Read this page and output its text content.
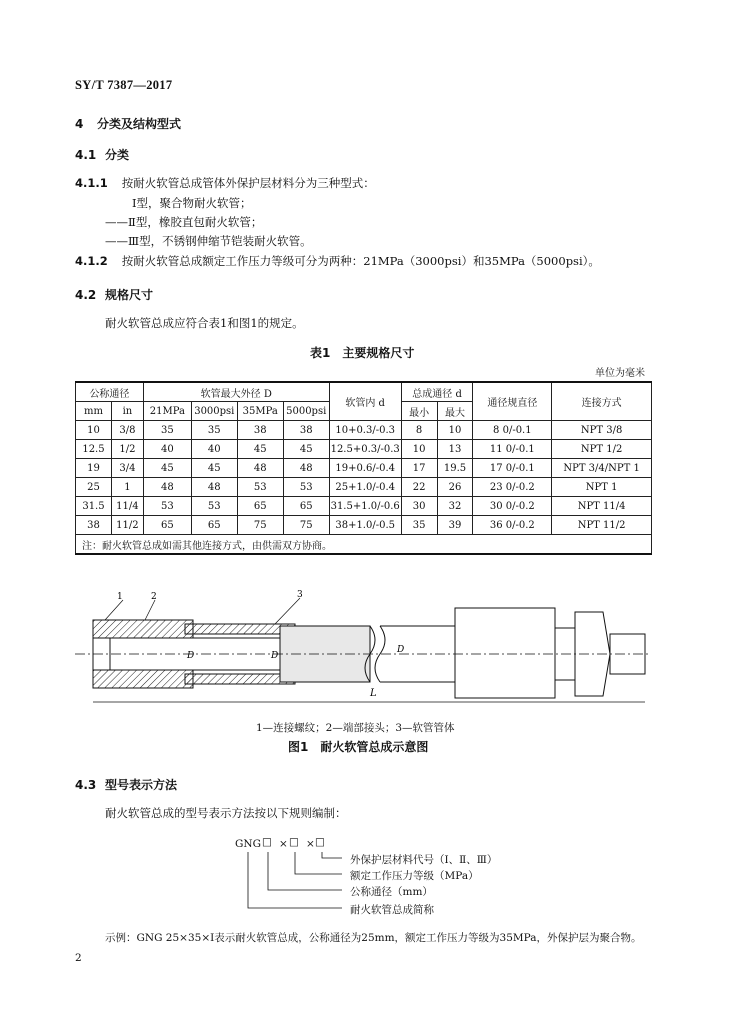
SY/T 7387—2017
4 分类及结构型式
4.1 分类
4.1.1 按耐火软管总成管体外保护层材料分为三种型式：
Ⅰ型，聚合物耐火软管；
——Ⅱ型，橡胶直包耐火软管；
——Ⅲ型，不锈钢伸缩节铠装耐火软管。
4.1.2 按耐火软管总成额定工作压力等级可分为两种：21MPa（3000psi）和35MPa（5000psi）。
4.2 规格尺寸
耐火软管总成应符合表1和图1的规定。
表1　主要规格尺寸
单位为毫米
公称通径		软管最大外径 D				软管内 d	总成通径 d		通径规直径	连接方式
mm	in	21MPa	3000psi	35MPa	5000psi		最小	最大		
10	3/8	35	35	38	38	10+0.3/-0.3	8	10	8 0/-0.1	NPT 3/8
12.5	1/2	40	40	45	45	12.5+0.3/-0.3	10	13	11 0/-0.1	NPT 1/2
19	3/4	45	45	48	48	19+0.6/-0.4	17	19.5	17 0/-0.1	NPT 3/4/NPT 1
25	1	48	48	53	53	25+1.0/-0.4	22	26	23 0/-0.2	NPT 1
31.5	11/4	53	53	65	65	31.5+1.0/-0.6	30	32	30 0/-0.2	NPT 11/4
38	11/2	65	65	75	75	38+1.0/-0.5	35	39	36 0/-0.2	NPT 11/2
注：耐火软管总成如需其他连接方式，由供需双方协商。										
L
1	2	3
D	D
D
1—连接螺纹；2—端部接头；3—软管管体
图1　耐火软管总成示意图
4.3 型号表示方法
耐火软管总成的型号表示方法按以下规则编制：
GNG □ × □ × □
外保护层材料代号（Ⅰ、Ⅱ、Ⅲ）
额定工作压力等级（MPa）
公称通径（mm）
耐火软管总成简称
示例：GNG 25×35×Ⅰ表示耐火软管总成，公称通径为25mm，额定工作压力等级为35MPa，外保护层为聚合物。
2
